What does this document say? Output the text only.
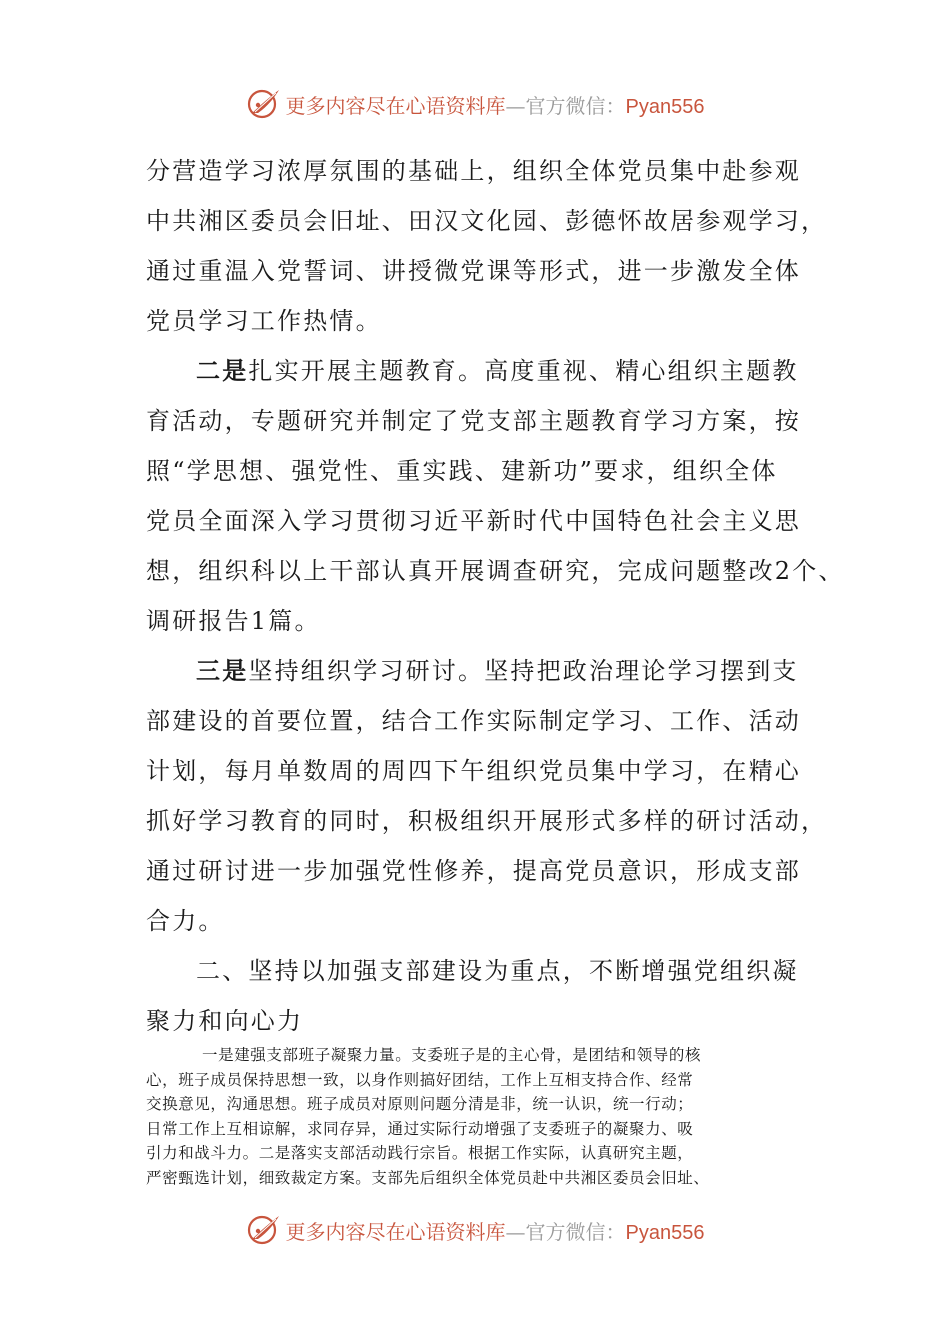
更多内容尽在心语资料库—官方微信：Pyan556
分营造学习浓厚氛围的基础上，组织全体党员集中赴参观
中共湘区委员会旧址、田汉文化园、彭德怀故居参观学习，
通过重温入党誓词、讲授微党课等形式，进一步激发全体
党员学习工作热情。
二是扎实开展主题教育。高度重视、精心组织主题教
育活动，专题研究并制定了党支部主题教育学习方案，按
照“学思想、强党性、重实践、建新功”要求，组织全体
党员全面深入学习贯彻习近平新时代中国特色社会主义思
想，组织科以上干部认真开展调查研究，完成问题整改2个、
调研报告1篇。
三是坚持组织学习研讨。坚持把政治理论学习摆到支
部建设的首要位置，结合工作实际制定学习、工作、活动
计划，每月单数周的周四下午组织党员集中学习，在精心
抓好学习教育的同时，积极组织开展形式多样的研讨活动，
通过研讨进一步加强党性修养，提高党员意识，形成支部
合力。
二、坚持以加强支部建设为重点，不断增强党组织凝
聚力和向心力
一是建强支部班子凝聚力量。支委班子是的主心骨，是团结和领导的核
心，班子成员保持思想一致，以身作则搞好团结，工作上互相支持合作、经常
交换意见，沟通思想。班子成员对原则问题分清是非，统一认识，统一行动；
日常工作上互相谅解，求同存异，通过实际行动增强了支委班子的凝聚力、吸
引力和战斗力。二是落实支部活动践行宗旨。根据工作实际，认真研究主题，
严密甄选计划，细致裁定方案。支部先后组织全体党员赴中共湘区委员会旧址、
更多内容尽在心语资料库—官方微信：Pyan556
